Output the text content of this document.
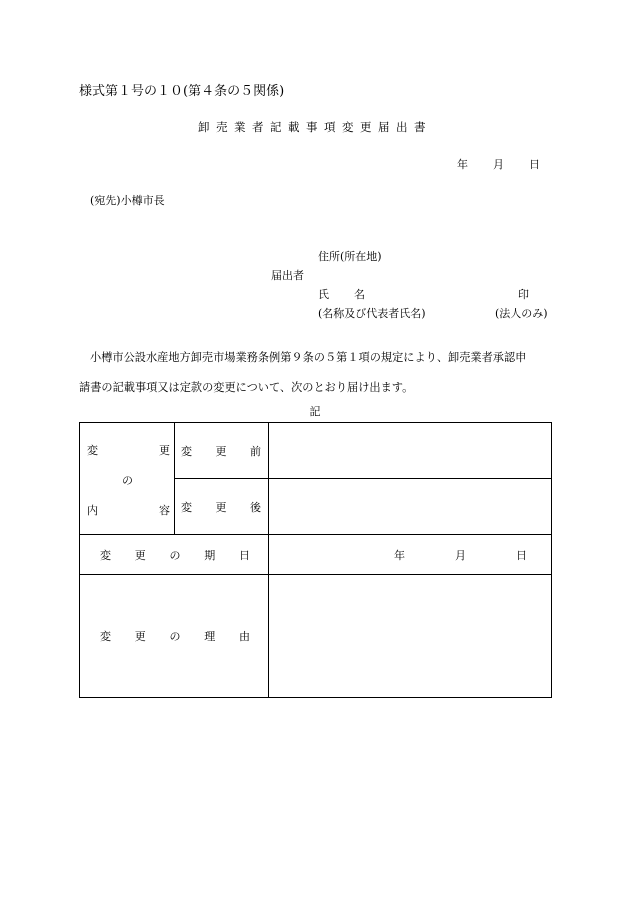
様式第１号の１０(第４条の５関係)
卸売業者記載事項変更届出書
年 月 日
(宛先)小樽市長
住所(所在地)
届出者
氏 名	印
(名称及び代表者氏名)	(法人のみ)
小樽市公設水産地方卸売市場業務条例第９条の５第１項の規定により、卸売業者承認申
請書の記載事項又は定款の変更について、次のとおり届け出ます。
記
変 更
の
内 容	変 更 前	

	変 更 後	

変 更 の 期 日		年 月 日

変 更 の 理 由		
